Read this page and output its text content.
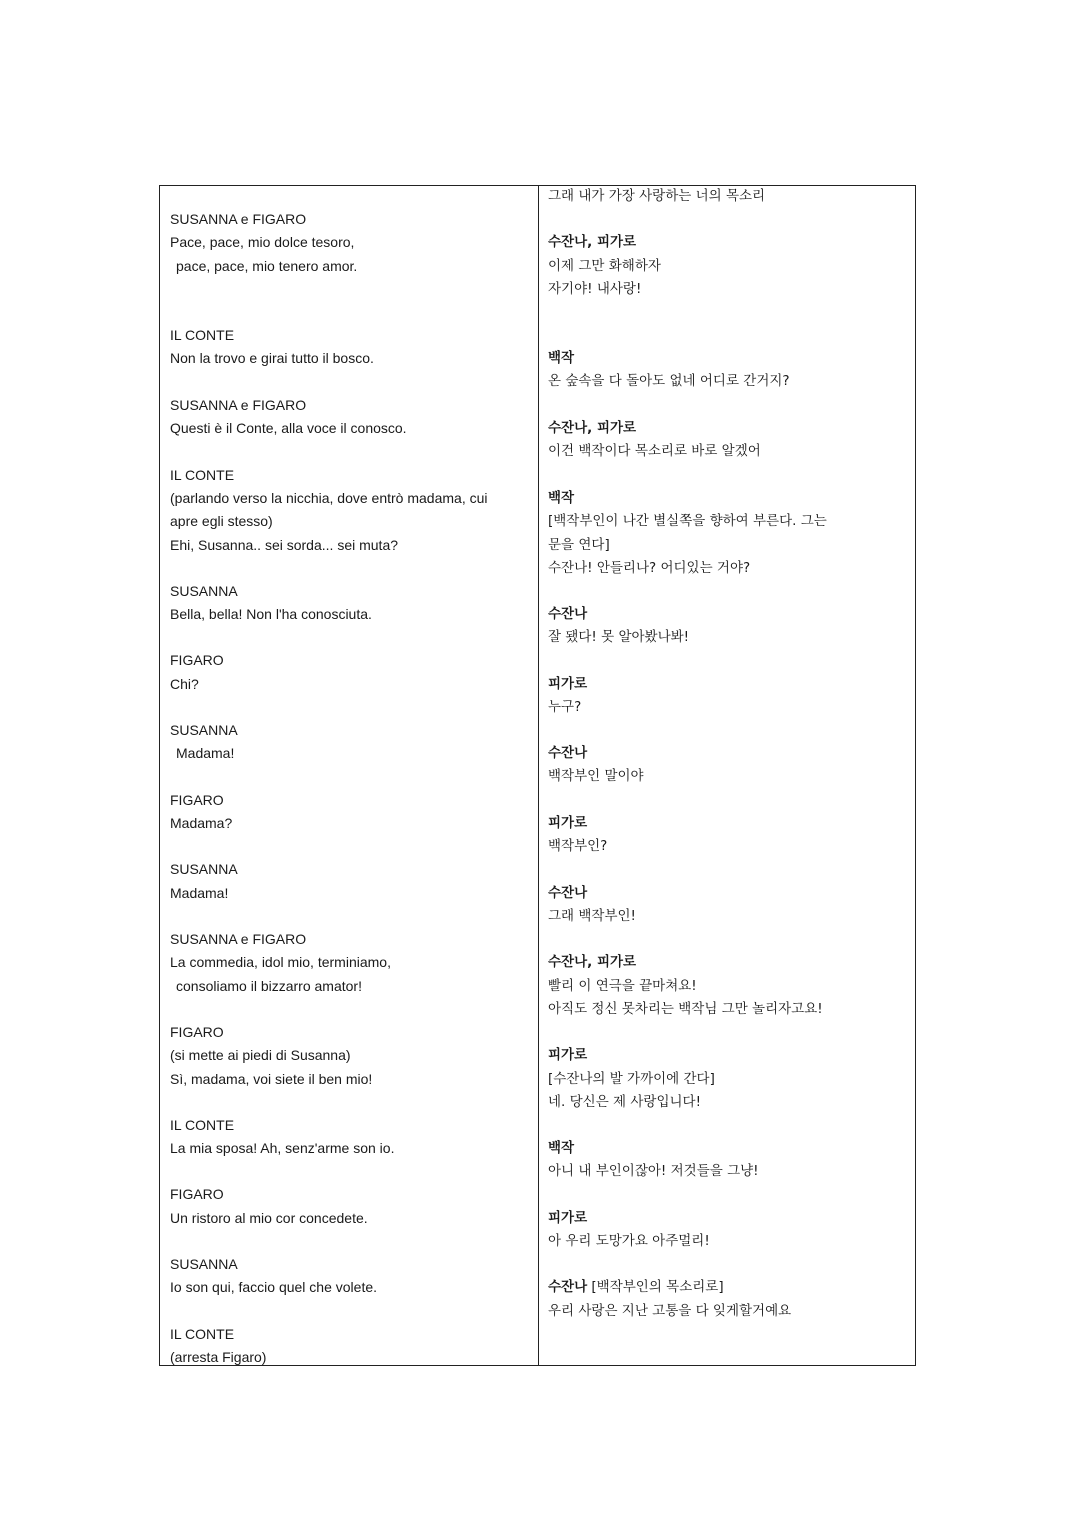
SUSANNA e FIGARO
Pace, pace, mio dolce tesoro,
pace, pace, mio tenero amor.
IL CONTE
Non la trovo e girai tutto il bosco.
SUSANNA e FIGARO
Questi è il Conte, alla voce il conosco.
IL CONTE
(parlando verso la nicchia, dove entrò madama, cui
apre egli stesso)
Ehi, Susanna.. sei sorda... sei muta?
SUSANNA
Bella, bella! Non l'ha conosciuta.
FIGARO
Chi?
SUSANNA
Madama!
FIGARO
Madama?
SUSANNA
Madama!
SUSANNA e FIGARO
La commedia, idol mio, terminiamo,
consoliamo il bizzarro amator!
FIGARO
(si mette ai piedi di Susanna)
Sì, madama, voi siete il ben mio!
IL CONTE
La mia sposa! Ah, senz'arme son io.
FIGARO
Un ristoro al mio cor concedete.
SUSANNA
Io son qui, faccio quel che volete.
IL CONTE
(arresta Figaro)
그래 내가 가장 사랑하는 너의 목소리
수잔나, 피가로
이제 그만 화해하자
자기야! 내사랑!
백작
온 숲속을 다 돌아도 없네 어디로 간거지?
수잔나, 피가로
이건 백작이다 목소리로 바로 알겠어
백작
[백작부인이 나간 별실쪽을 향하여 부른다. 그는
문을 연다]
수잔나! 안들리나? 어디있는 거야?
수잔나
잘 됐다! 못 알아봤나봐!
피가로
누구?
수잔나
백작부인 말이야
피가로
백작부인?
수잔나
그래 백작부인!
수잔나, 피가로
빨리 이 연극을 끝마쳐요!
아직도 정신 못차리는 백작님 그만 놀리자고요!
피가로
[수잔나의 발 가까이에 간다]
네. 당신은 제 사랑입니다!
백작
아니 내 부인이잖아! 저것들을 그냥!
피가로
아 우리 도망가요 아주멀리!
수잔나 [백작부인의 목소리로]
우리 사랑은 지난 고통을 다 잊게할거예요
